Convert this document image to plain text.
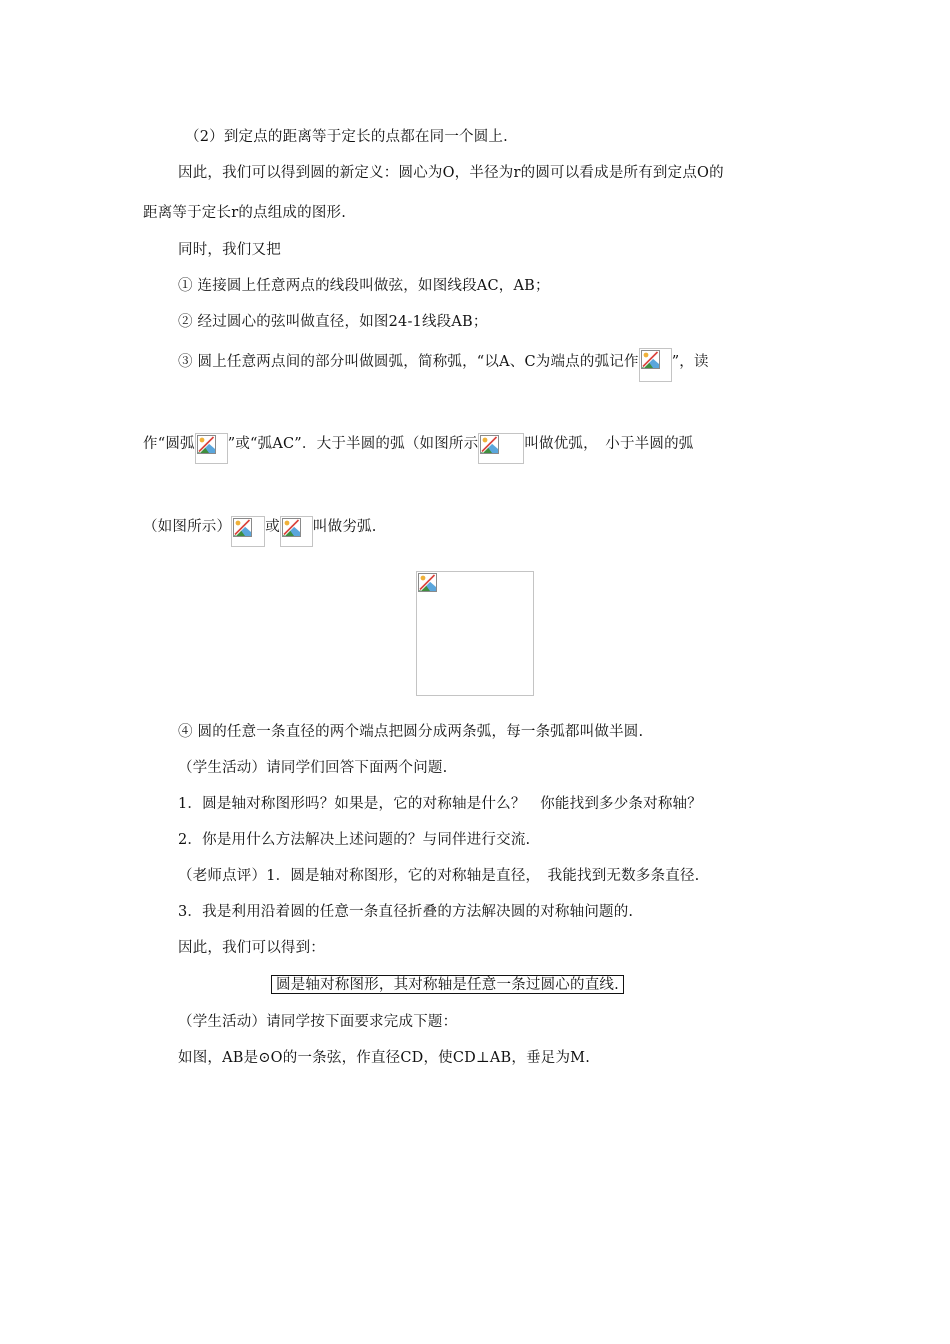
（2）到定点的距离等于定长的点都在同一个圆上.
因此，我们可以得到圆的新定义：圆心为O，半径为r的圆可以看成是所有到定点O的
距离等于定长r的点组成的图形.
同时，我们又把
① 连接圆上任意两点的线段叫做弦，如图线段AC，AB；
② 经过圆心的弦叫做直径，如图24-1线段AB；
③ 圆上任意两点间的部分叫做圆弧，简称弧，“以A、C为端点的弧记作 ”，读
作“圆弧 ”或“弧AC”．大于半圆的弧（如图所示	叫做优弧，　小于半圆的弧
（如图所示） 或 叫做劣弧.
④ 圆的任意一条直径的两个端点把圆分成两条弧，每一条弧都叫做半圆.
（学生活动）请同学们回答下面两个问题.
1．圆是轴对称图形吗？如果是，它的对称轴是什么？　你能找到多少条对称轴？
2．你是用什么方法解决上述问题的？与同伴进行交流.
（老师点评）1．圆是轴对称图形，它的对称轴是直径，　我能找到无数多条直径.
3．我是利用沿着圆的任意一条直径折叠的方法解决圆的对称轴问题的.
因此，我们可以得到：
圆是轴对称图形，其对称轴是任意一条过圆心的直线.
（学生活动）请同学按下面要求完成下题：
如图，AB是⊙O的一条弦，作直径CD，使CD⊥AB，垂足为M.
